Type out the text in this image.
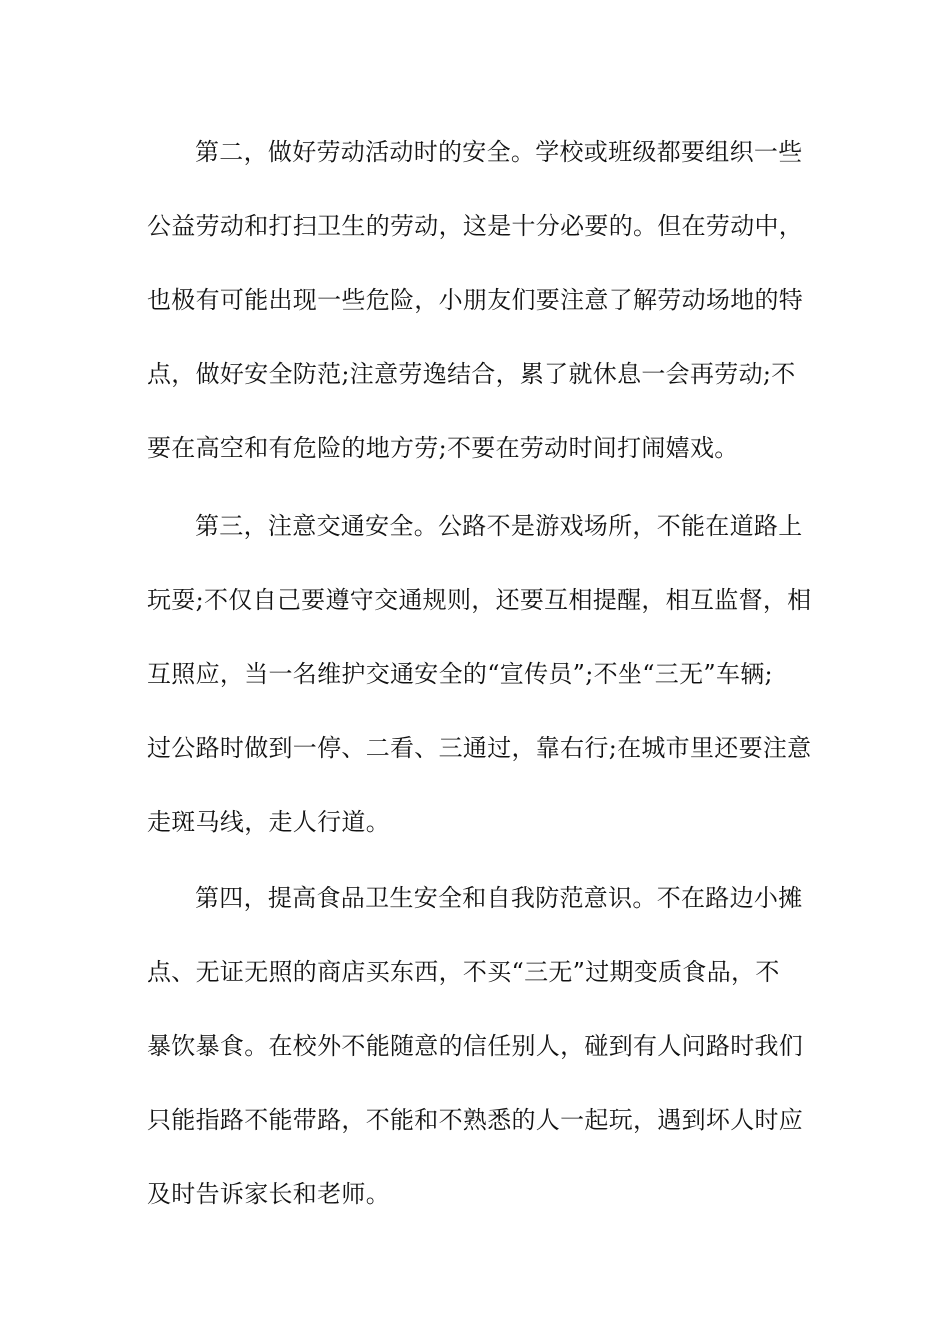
第二，做好劳动活动时的安全。学校或班级都要组织一些
公益劳动和打扫卫生的劳动，这是十分必要的。但在劳动中，
也极有可能出现一些危险，小朋友们要注意了解劳动场地的特
点，做好安全防范;注意劳逸结合，累了就休息一会再劳动;不
要在高空和有危险的地方劳;不要在劳动时间打闹嬉戏。
第三，注意交通安全。公路不是游戏场所，不能在道路上
玩耍;不仅自己要遵守交通规则，还要互相提醒，相互监督，相
互照应，当一名维护交通安全的“宣传员”;不坐“三无”车辆;
过公路时做到一停、二看、三通过，靠右行;在城市里还要注意
走斑马线，走人行道。
第四，提高食品卫生安全和自我防范意识。不在路边小摊
点、无证无照的商店买东西，不买“三无”过期变质食品，不
暴饮暴食。在校外不能随意的信任别人，碰到有人问路时我们
只能指路不能带路，不能和不熟悉的人一起玩，遇到坏人时应
及时告诉家长和老师。
